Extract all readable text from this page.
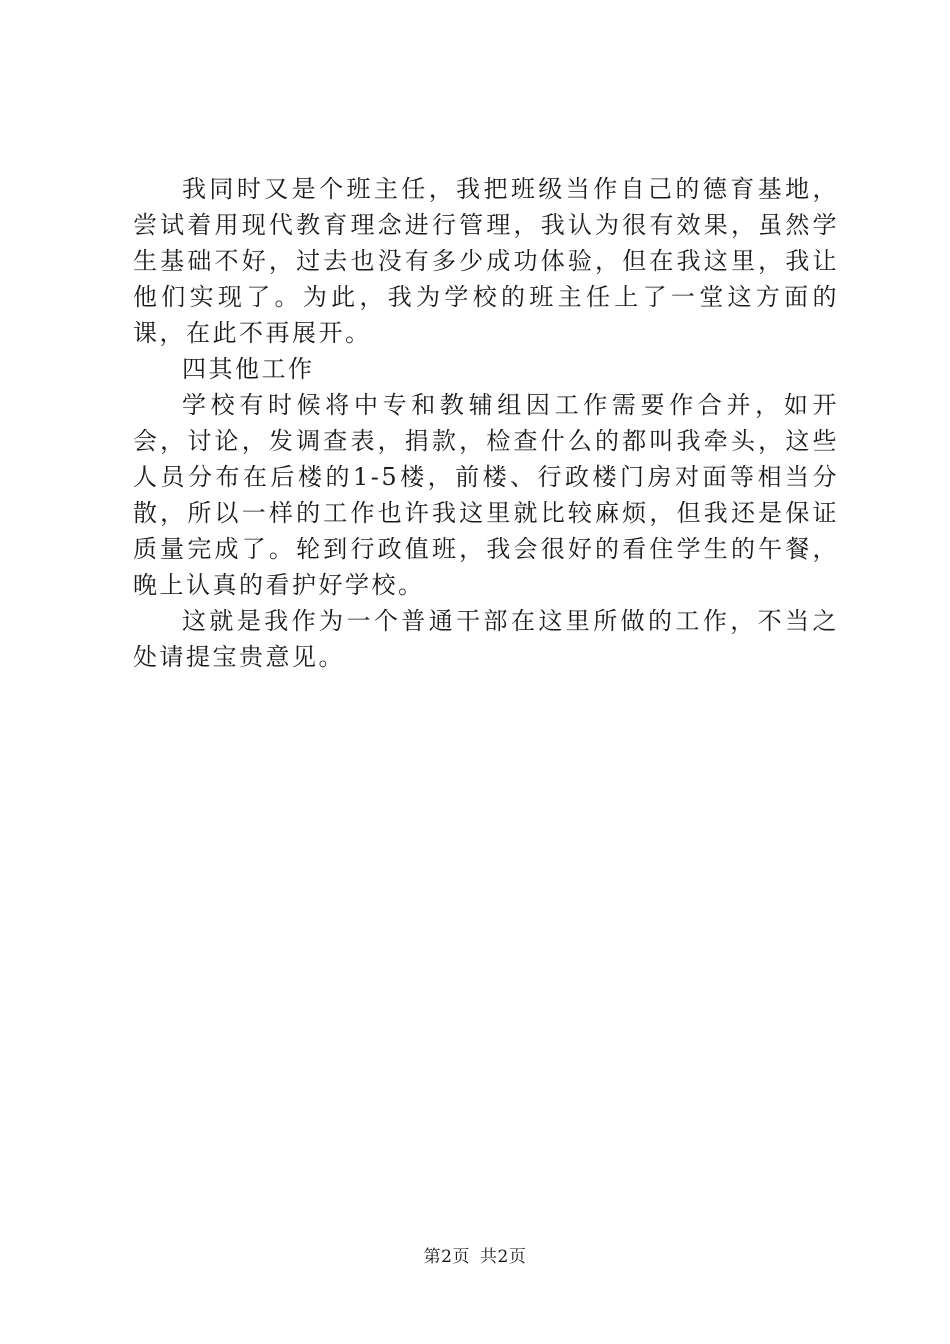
我同时又是个班主任，我把班级当作自己的德育基地，尝试着用现代教育理念进行管理，我认为很有效果，虽然学生基础不好，过去也没有多少成功体验，但在我这里，我让他们实现了。为此，我为学校的班主任上了一堂这方面的课，在此不再展开。

四其他工作

学校有时候将中专和教辅组因工作需要作合并，如开会，讨论，发调查表，捐款，检查什么的都叫我牵头，这些人员分布在后楼的1-5楼，前楼、行政楼门房对面等相当分散，所以一样的工作也许我这里就比较麻烦，但我还是保证质量完成了。轮到行政值班，我会很好的看住学生的午餐，晚上认真的看护好学校。

这就是我作为一个普通干部在这里所做的工作，不当之处请提宝贵意见。

第2页 共2页
